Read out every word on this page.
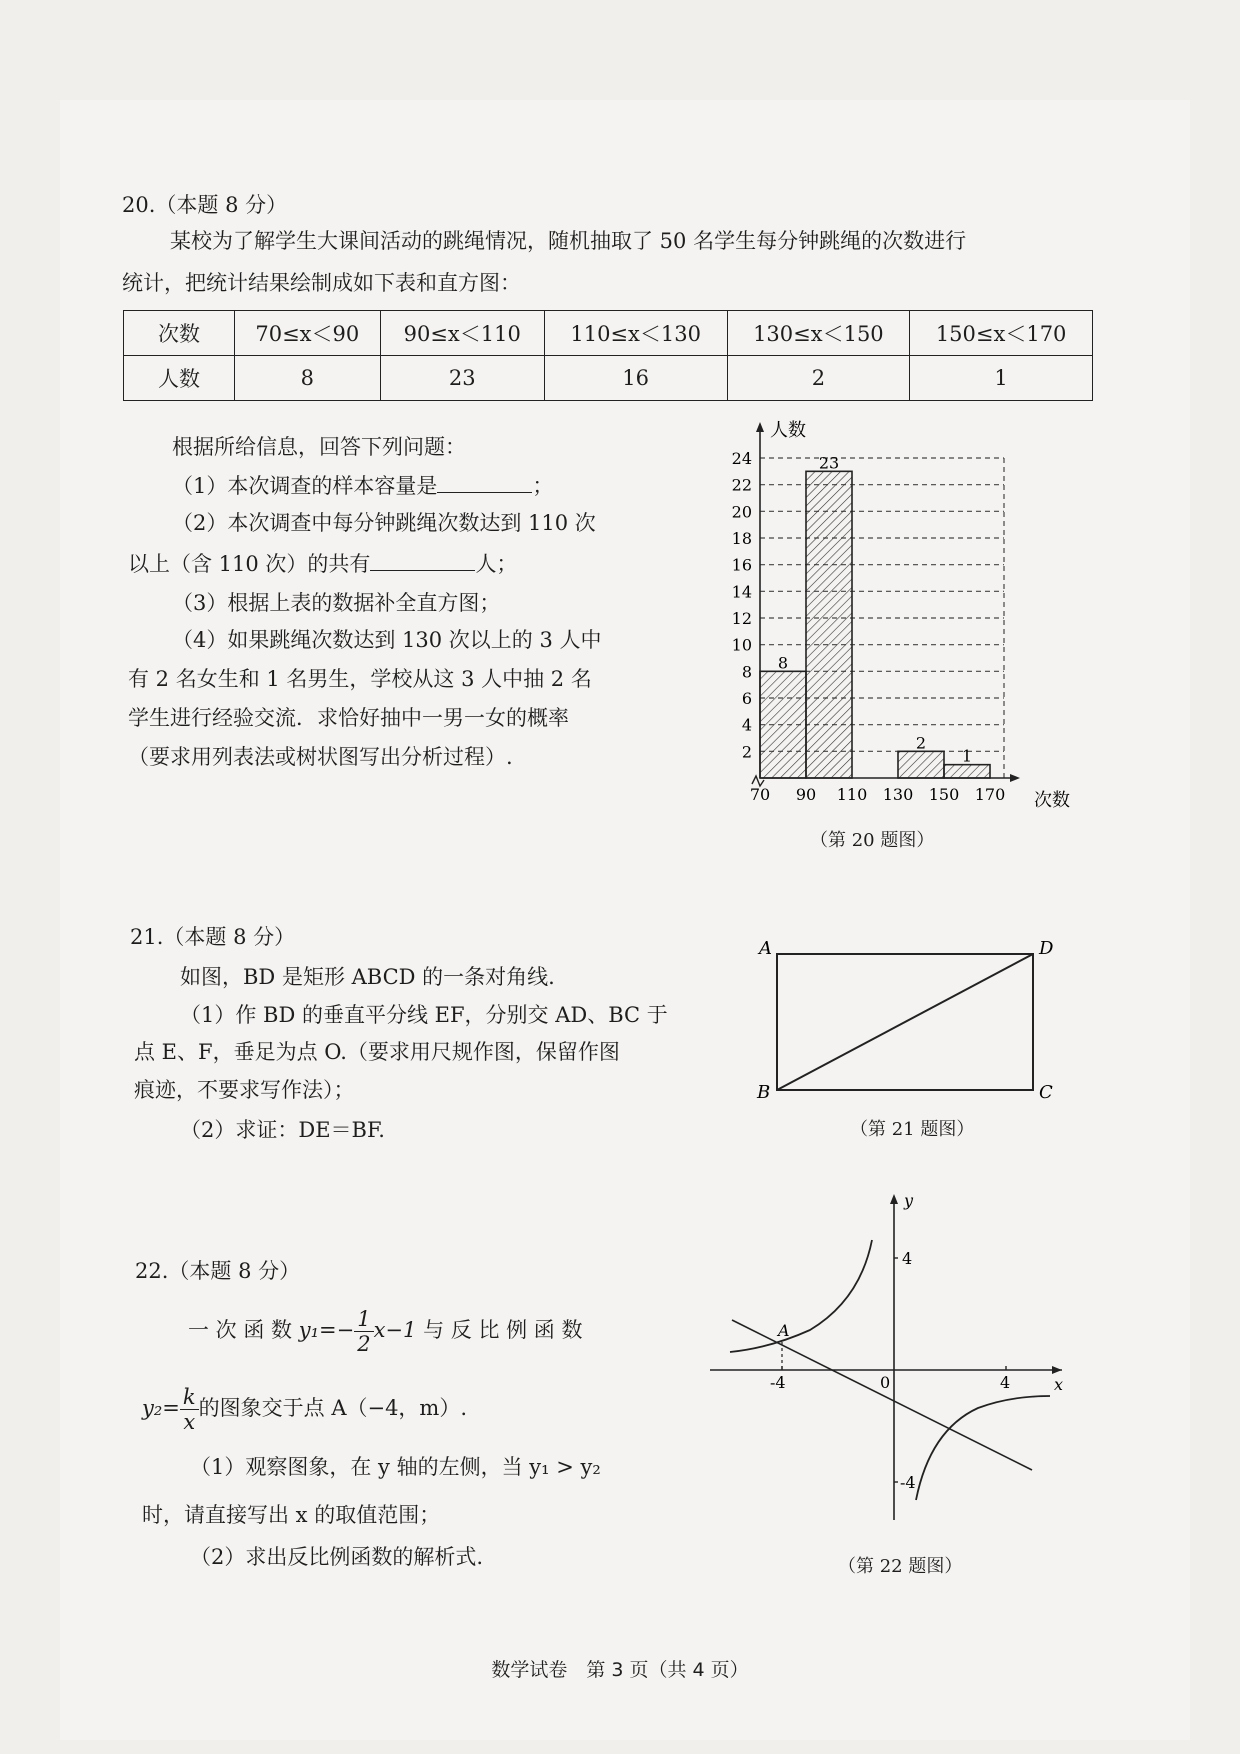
20.（本题 8 分）
某校为了解学生大课间活动的跳绳情况，随机抽取了 50 名学生每分钟跳绳的次数进行
统计，把统计结果绘制成如下表和直方图：
次数	70≤x＜90	90≤x＜110	110≤x＜130	130≤x＜150	150≤x＜170
人数	8	23	16	2	1
根据所给信息，回答下列问题：
（1）本次调查的样本容量是	；
（2）本次调查中每分钟跳绳次数达到 110 次
以上（含 110 次）的共有	人；
（3）根据上表的数据补全直方图；
（4）如果跳绳次数达到 130 次以上的 3 人中
有 2 名女生和 1 名男生，学校从这 3 人中抽 2 名
学生进行经验交流．求恰好抽中一男一女的概率
（要求用列表法或树状图写出分析过程）.	2
4
6
8
10
12
14
16
18
20
22
24
8
23
2
1
70 90 110 130 150 170
人数
次数
（第 20 题图）
21.（本题 8 分）
如图，BD 是矩形 ABCD 的一条对角线.
（1）作 BD 的垂直平分线 EF，分别交 AD、BC 于
点 E、F，垂足为点 O.（要求用尺规作图，保留作图
痕迹，不要求写作法）；
（2）求证：DE＝BF.
A	D
B	C
（第 21 题图）
22.（本题 8 分）
一 次 函 数 $y_1=- \frac{1}{2} x-1$ 与 反 比 例 函 数
$y_2= \frac{k}{x}$ 的图象交于点 A（−4，m）.
（1）观察图象，在 y 轴的左侧，当 y₁ > y₂
时，请直接写出 x 的取值范围；
（2）求出反比例函数的解析式.
A
y
x
0	4
-4
4
-4
（第 22 题图）
数学试卷　第 3 页（共 4 页）
